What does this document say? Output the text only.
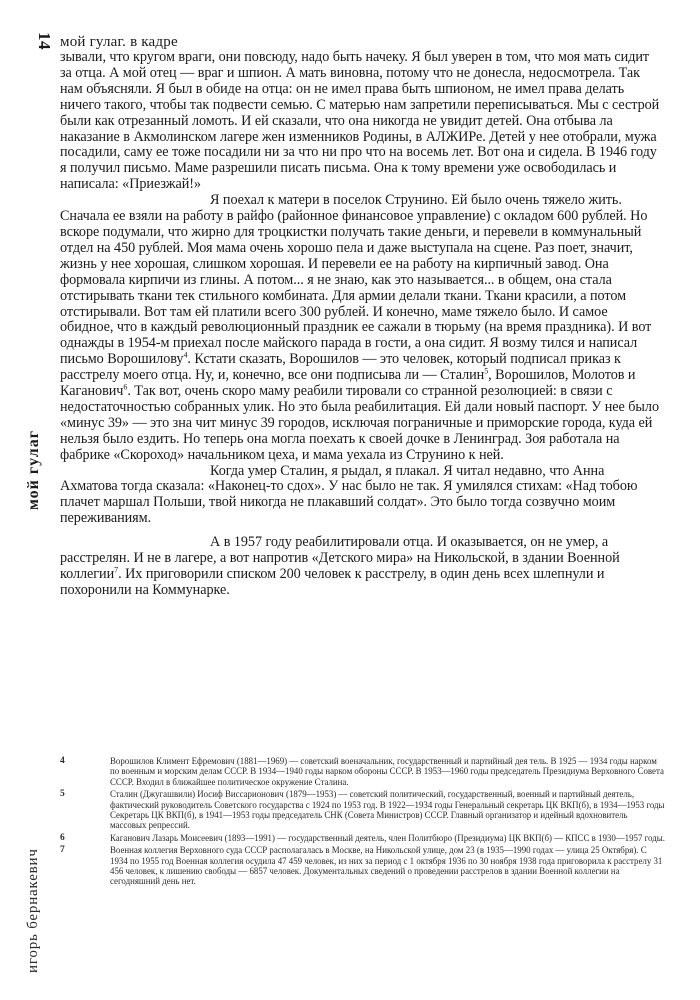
14 мой гулаг. в кадре
мой гулаг
игорь бернакевич

зывали, что кругом враги, они повсюду, надо быть начеку. Я был уверен в том, что моя мать сидит за отца. А мой отец — враг и шпион. А мать виновна, потому что не донесла, недосмотрела. Так нам объясняли. Я был в обиде на отца: он не имел права быть шпионом, не имел права делать ничего такого, чтобы так подвести семью. С матерью нам запретили переписываться. Мы с сестрой были как отрезанный ломоть. И ей сказали, что она никогда не увидит детей. Она отбыва ла наказание в Акмолинском лагере жен изменников Родины, в АЛЖИРе. Детей у нее отобрали, мужа посадили, саму ее тоже посадили ни за что ни про что на восемь лет. Вот она и сидела. В 1946 году я получил письмо. Маме разрешили писать письма. Она к тому времени уже освободилась и написала: «Приезжай!»

Я поехал к матери в поселок Струнино. Ей было очень тяжело жить. Сначала ее взяли на работу в райфо (районное финансовое управление) с окладом 600 рублей. Но вскоре подумали, что жирно для троцкистки получать такие деньги, и перевели в коммунальный отдел на 450 рублей. Моя мама очень хорошо пела и даже выступала на сцене. Раз поет, значит, жизнь у нее хорошая, слишком хорошая. И перевели ее на работу на кирпичный завод. Она формовала кирпичи из глины. А потом... я не знаю, как это называется... в общем, она стала отстирывать ткани тек стильного комбината. Для армии делали ткани. Ткани красили, а потом отстирывали. Вот там ей платили всего 300 рублей. И конечно, маме тяжело было. И самое обидное, что в каждый революционный праздник ее сажали в тюрьму (на время праздника). И вот однажды в 1954-м приехал после майского парада в гости, а она сидит. Я возму тился и написал письмо Ворошилову$^4$. Кстати сказать, Ворошилов — это человек, который подписал приказ к расстрелу моего отца. Ну, и, конечно, все они подписыва ли — Сталин$^5$, Ворошилов, Молотов и Каганович$^6$. Так вот, очень скоро маму реабили тировали со странной резолюцией: в связи с недостаточностью собранных улик. Но это была реабилитация. Ей дали новый паспорт. У нее было «минус 39» — это зна чит минус 39 городов, исключая пограничные и приморские города, куда ей нельзя было ездить. Но теперь она могла поехать к своей дочке в Ленинград. Зоя работала на фабрике «Скороход» начальником цеха, и мама уехала из Струнино к ней.

Когда умер Сталин, я рыдал, я плакал. Я читал недавно, что Анна Ахматова тогда сказала: «Наконец-то сдох». У нас было не так. Я умилялся стихам: «Над тобою плачет маршал Польши, твой никогда не плакавший солдат». Это было тогда созвучно моим переживаниям.

А в 1957 году реабилитировали отца. И оказывается, он не умер, а расстрелян. И не в лагере, а вот напротив «Детского мира» на Никольской, в здании Военной коллегии$^7$. Их приговорили списком 200 человек к расстрелу, в один день всех шлепнули и похоронили на Коммунарке.

4	Ворошилов Климент Ефремович (1881—1969) — советский военачальник, государственный и партийный дея тель. В 1925 — 1934 годы нарком по военным и морским делам СССР. В 1934—1940 годы нарком обороны СССР. В 1953—1960 годы председатель Президиума Верховного Совета СССР. Входил в ближайшее политическое окружение Сталина.
5	Сталин (Джугашвили) Иосиф Виссарионович (1879—1953) — советский политический, государственный, военный и партийный деятель, фактический руководитель Советского государства с 1924 по 1953 год. В 1922—1934 годы Генеральный секретарь ЦК ВКП(б), в 1934—1953 годы Секретарь ЦК ВКП(б), в 1941—1953 годы председатель СНК (Совета Министров) СССР. Главный организатор и идейный вдохновитель массовых репрессий.
6	Каганович Лазарь Моисеевич (1893—1991) — государственный деятель, член Политбюро (Президиума) ЦК ВКП(б) — КПСС в 1930—1957 годы.
7	Военная коллегия Верховного суда СССР располагалась в Москве, на Никольской улице, дом 23 (в 1935—1990 годах — улица 25 Октября). С 1934 по 1955 год Военная коллегия осудила 47 459 человек, из них за период с 1 октября 1936 по 30 ноября 1938 года приговорила к расстрелу 31 456 человек, к лишению свободы — 6857 человек. Документальных сведений о проведении расстрелов в здании Военной коллегии на сегодняшний день нет.
